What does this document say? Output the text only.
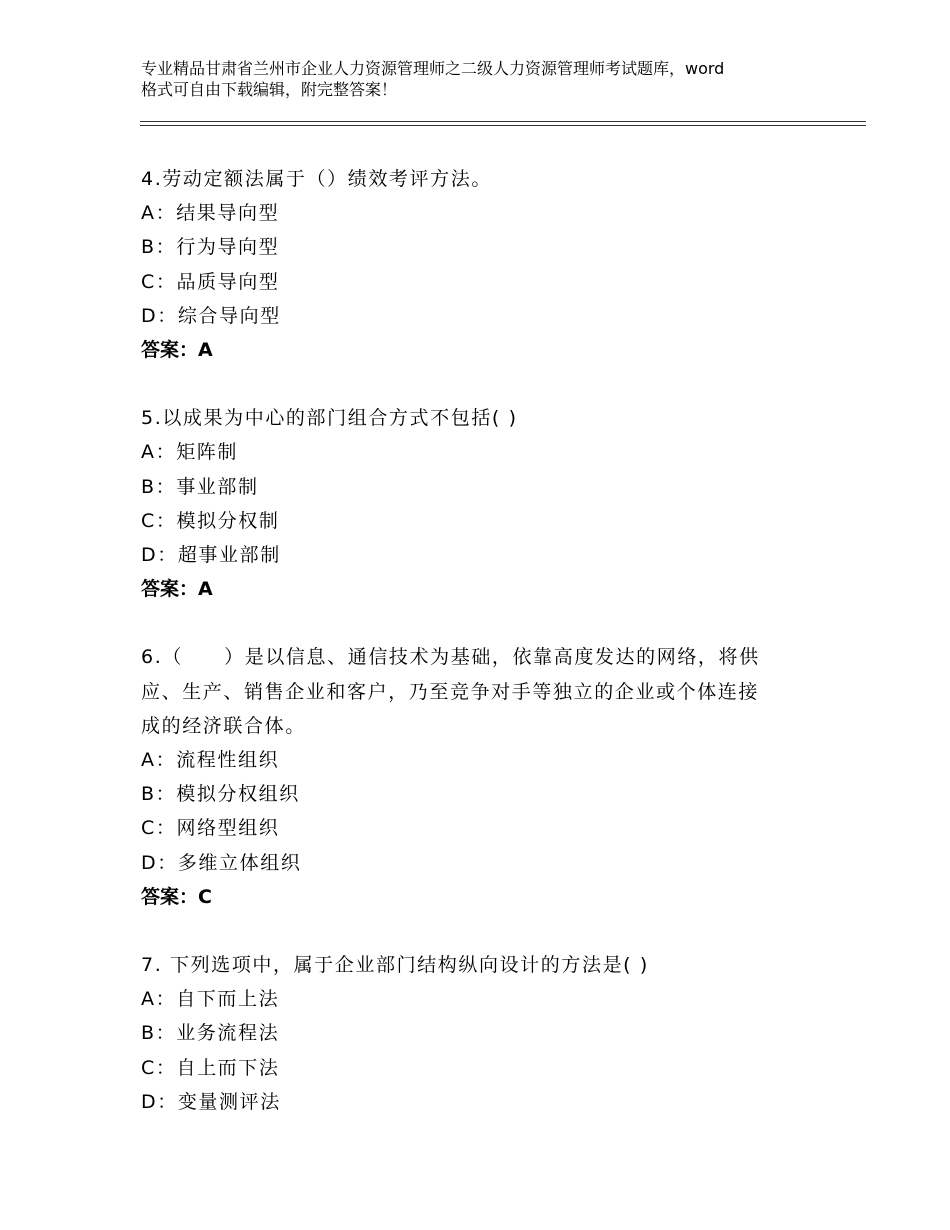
专业精品甘肃省兰州市企业人力资源管理师之二级人力资源管理师考试题库，word
格式可自由下载编辑，附完整答案！
4.劳动定额法属于（）绩效考评方法。
A：结果导向型
B：行为导向型
C：品质导向型
D：综合导向型
答案：A
5.以成果为中心的部门组合方式不包括( )
A：矩阵制
B：事业部制
C：模拟分权制
D：超事业部制
答案：A
6.（　　）是以信息、通信技术为基础，依靠高度发达的网络，将供
应、生产、销售企业和客户，乃至竞争对手等独立的企业或个体连接
成的经济联合体。
A：流程性组织
B：模拟分权组织
C：网络型组织
D：多维立体组织
答案：C
7. 下列选项中，属于企业部门结构纵向设计的方法是( )
A：自下而上法
B：业务流程法
C：自上而下法
D：变量测评法
